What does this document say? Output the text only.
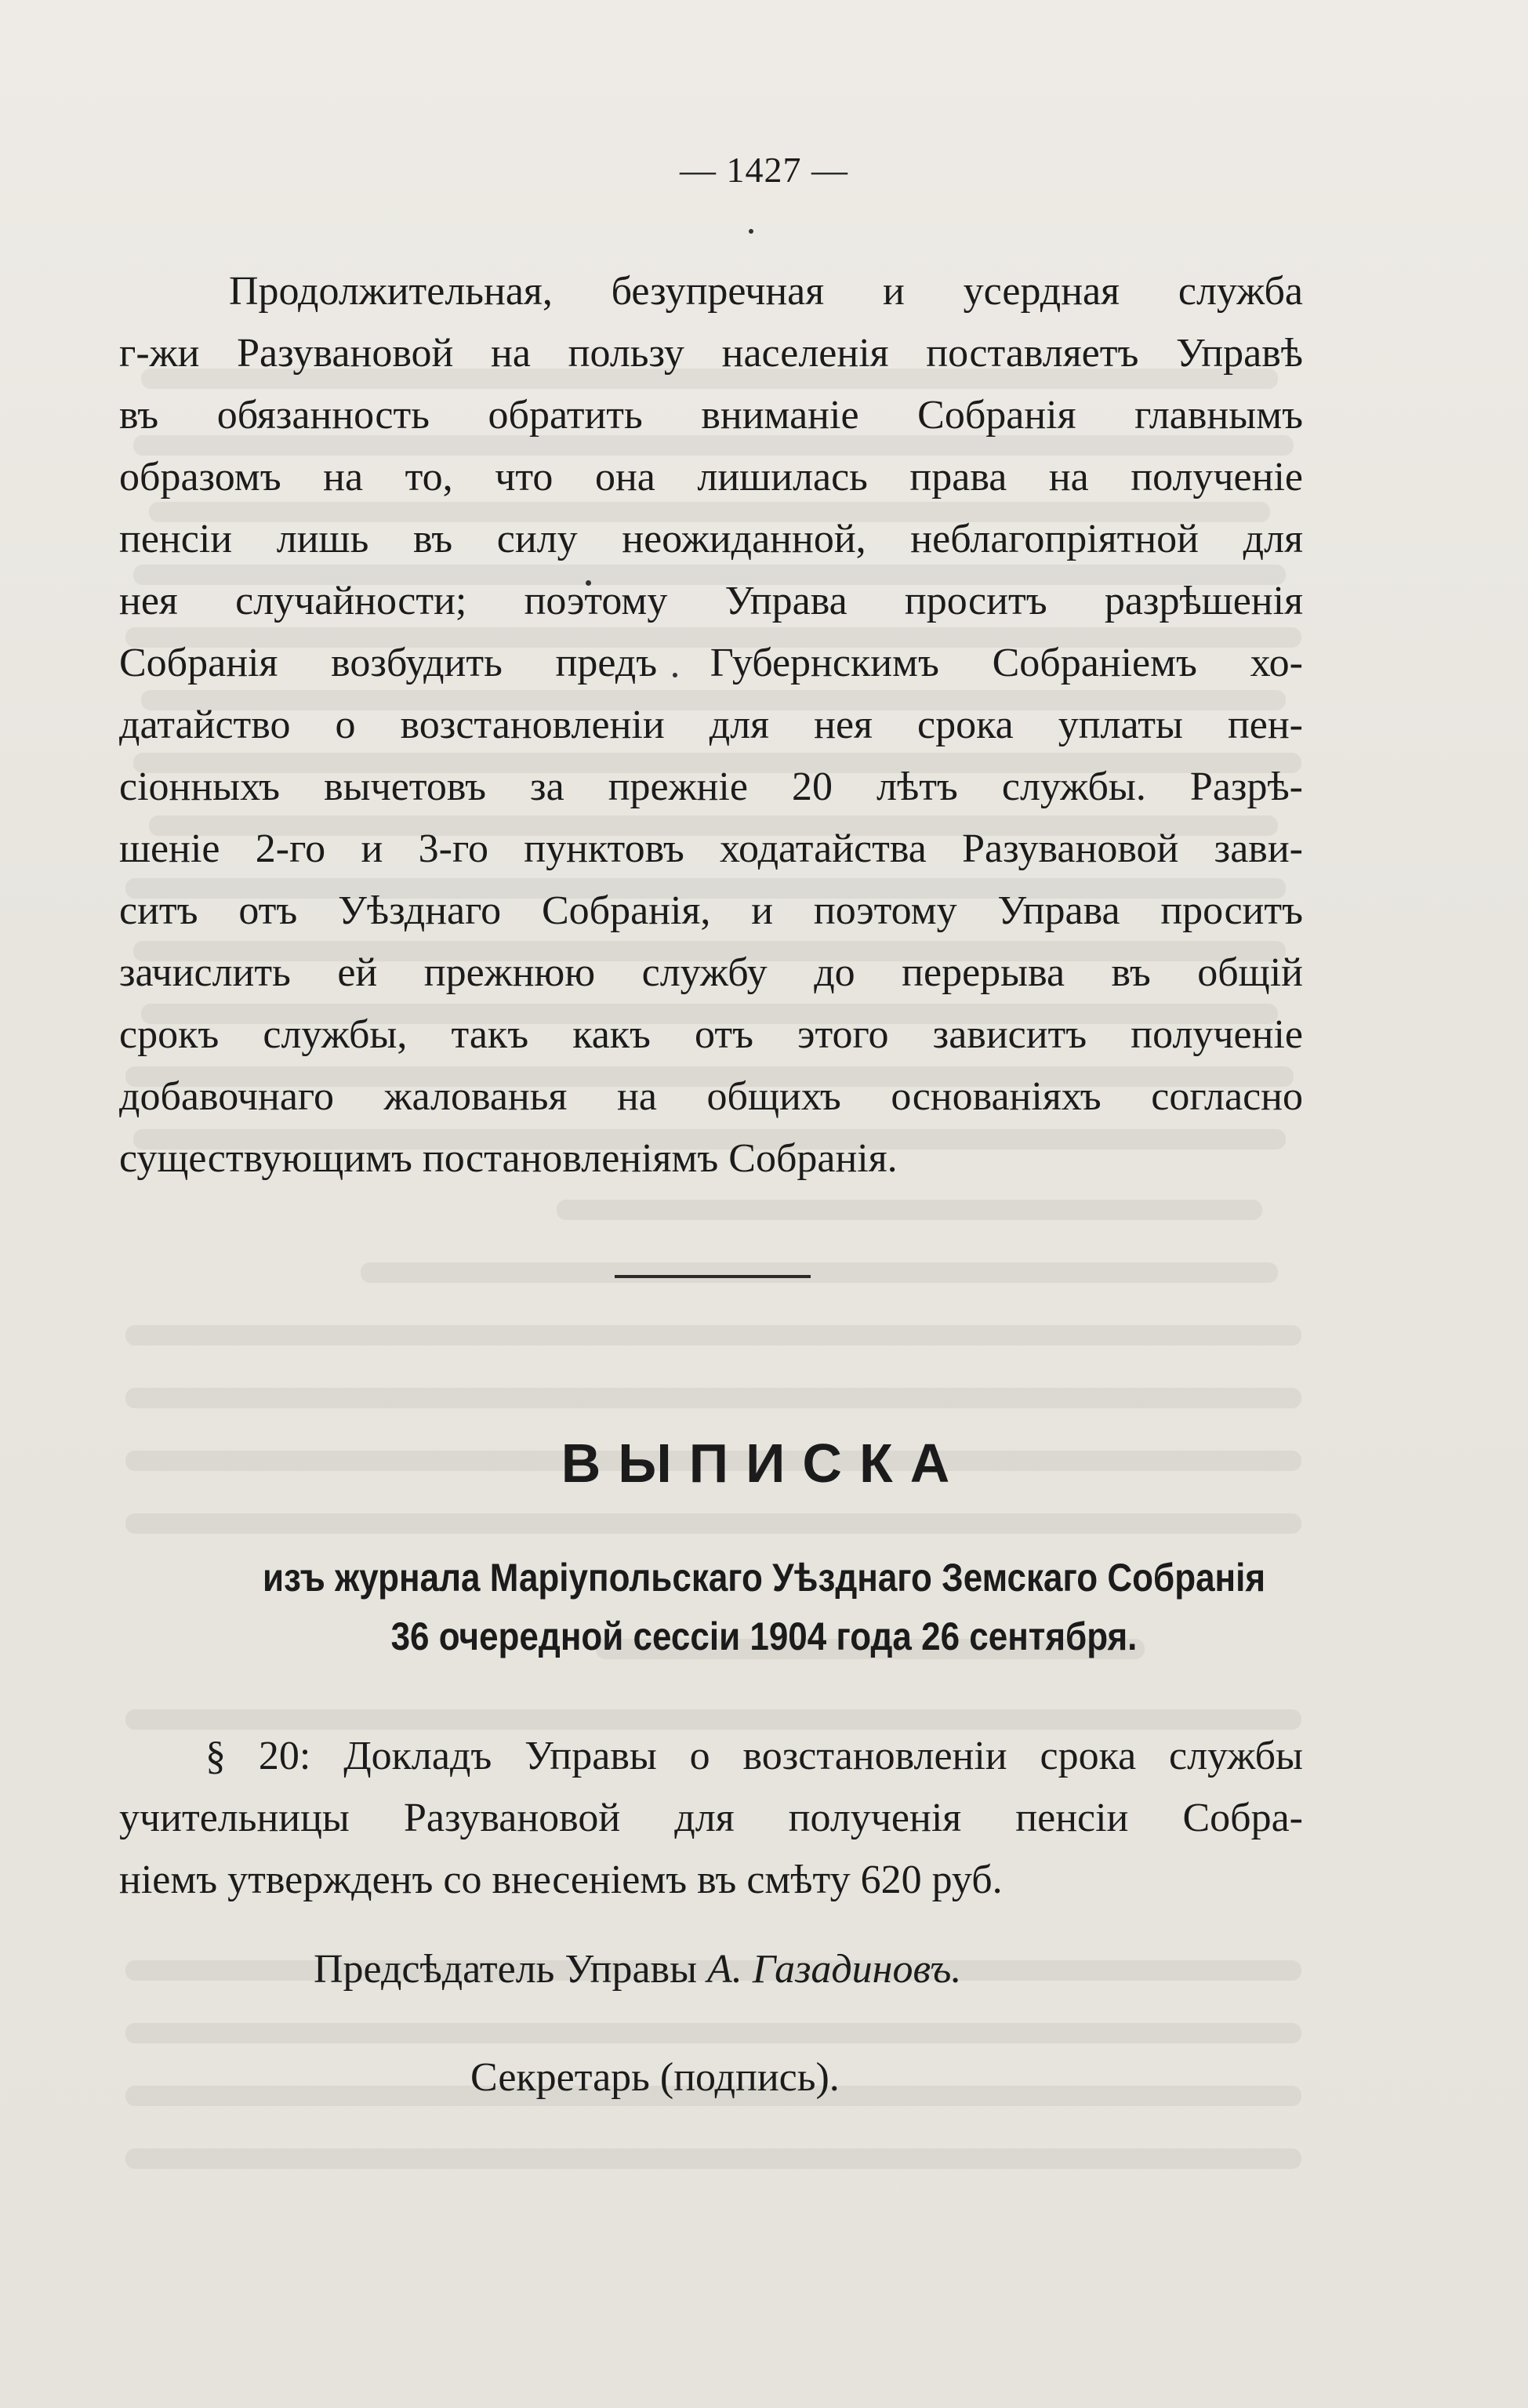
— 1427 —
Продолжительная, безупречная и усердная служба
г-жи Разувановой на пользу населенія поставляетъ Управѣ
въ обязанность обратить вниманіе Собранія главнымъ
образомъ на то, что она лишилась права на полученіе
пенсіи лишь въ силу неожиданной, неблагопріятной для
нея случайности; поэтому Управа проситъ разрѣшенія
Собранія возбудить предъ Губернскимъ Собраніемъ хо-
датайство о возстановленіи для нея срока уплаты пен-
сіонныхъ вычетовъ за прежніе 20 лѣтъ службы. Разрѣ-
шеніе 2-го и 3-го пунктовъ ходатайства Разувановой зави-
ситъ отъ Уѣзднаго Собранія, и поэтому Управа проситъ
зачислить ей прежнюю службу до перерыва въ общій
срокъ службы, такъ какъ отъ этого зависитъ полученіе
добавочнаго жалованья на общихъ основаніяхъ согласно
существующимъ постановленіямъ Собранія.
ВЫПИСКА
изъ журнала Маріупольскаго Уѣзднаго Земскаго Собранія
36 очередной сессіи 1904 года 26 сентября.
§ 20: Докладъ Управы о возстановленіи срока службы
учительницы Разувановой для полученія пенсіи Собра-
ніемъ утвержденъ со внесеніемъ въ смѣту 620 руб.
Предсѣдатель Управы А. Газадиновъ.
Секретарь (подпись).
